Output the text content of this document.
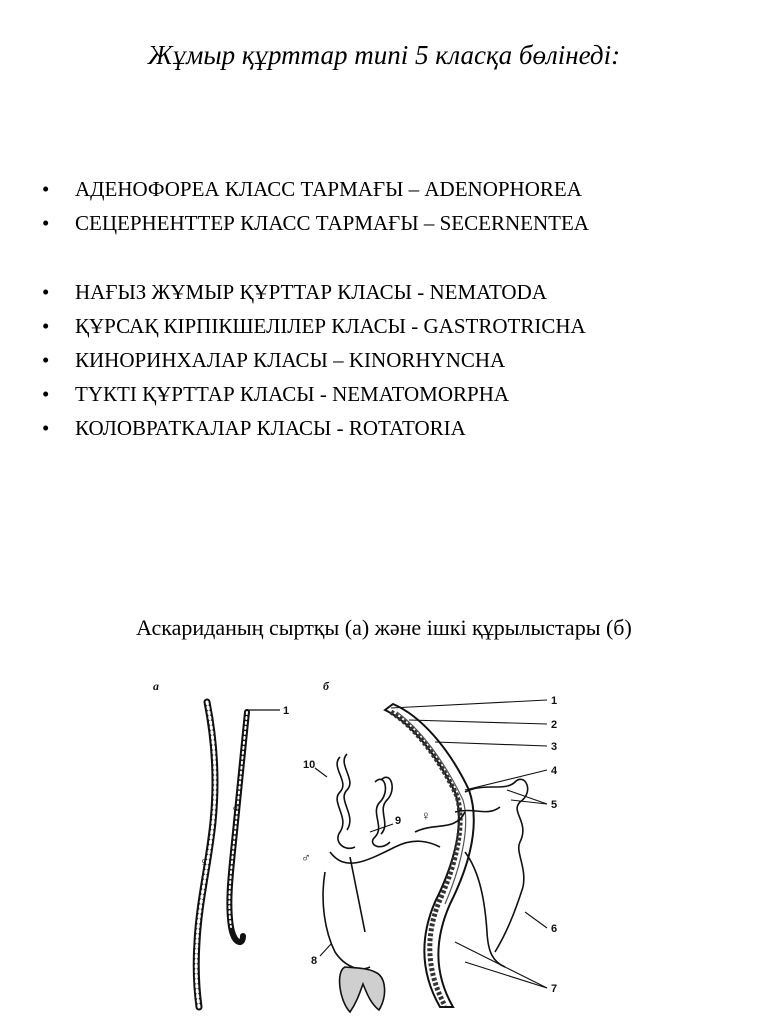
Жұмыр құрттар типі 5 класқа бөлінеді:
• АДЕНОФОРЕА КЛАСС ТАРМАҒЫ – ADENOPHOREA
• СЕЦЕРНЕНТТЕР КЛАСС ТАРМАҒЫ – SECERNENTEA
• НАҒЫЗ ЖҰМЫР ҚҰРТТАР КЛАСЫ - NEMATODA
• ҚҰРСАҚ КІРПІКШЕЛІЛЕР КЛАСЫ - GASTROTRICHA
• КИНОРИНХАЛАР КЛАСЫ – KINORHYNCHA
• ТҮКТІ ҚҰРТТАР КЛАСЫ - NEMATOMORPHA
• КОЛОВРАТКАЛАР КЛАСЫ - ROTATORIA
Аскариданың сыртқы (а) және ішкі құрылыстары (б)
а	б
♀
♂
1
1
2
3
4
5
6
7
8
9
10
♀
♂
